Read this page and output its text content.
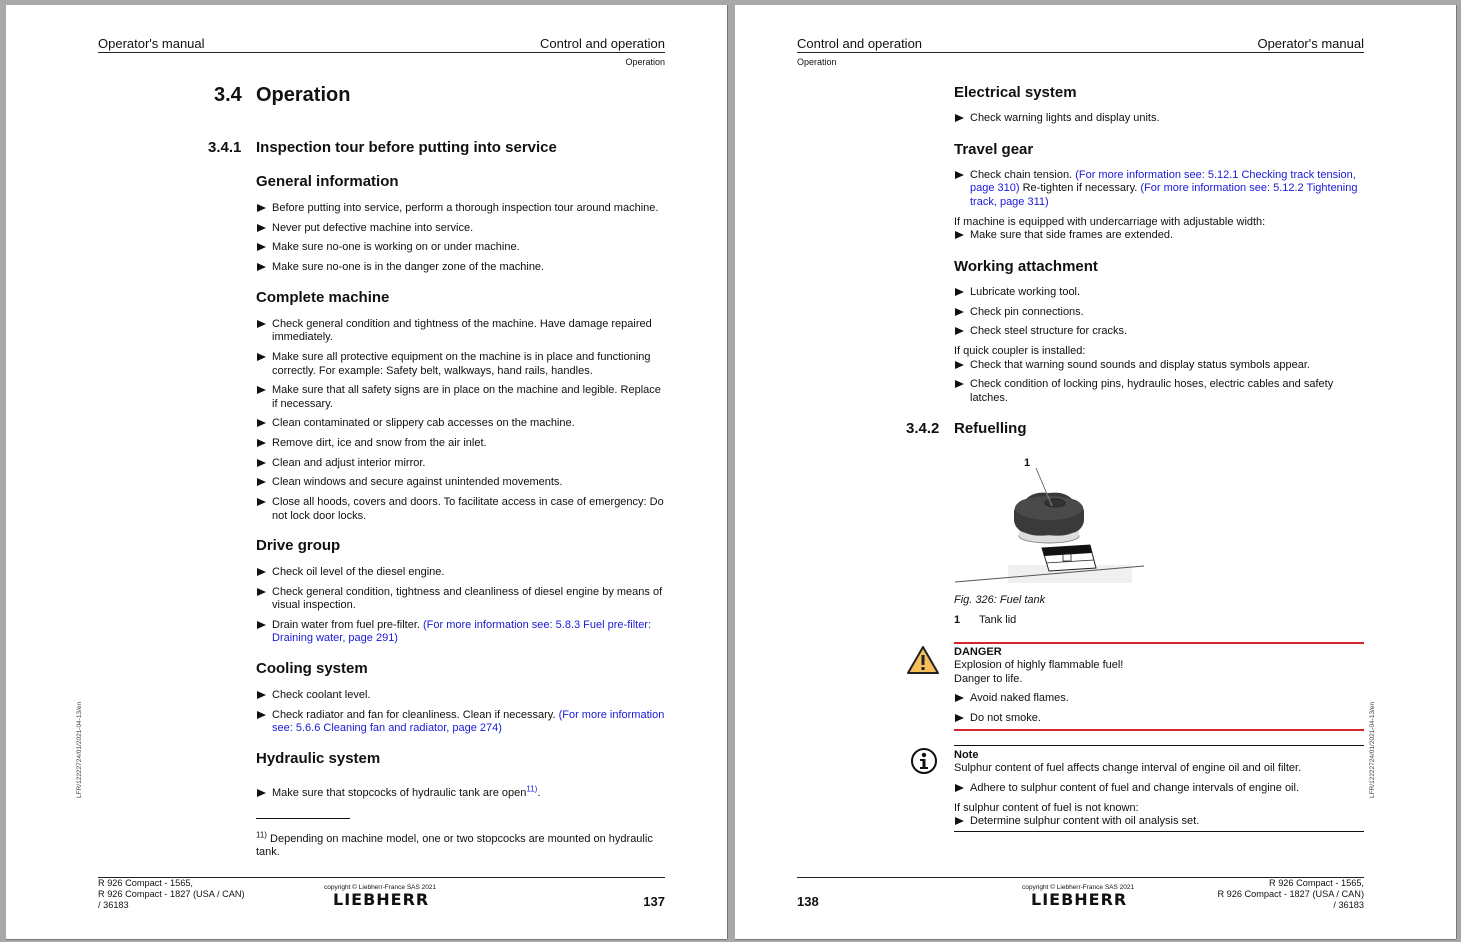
Operator's manual	Control and operation
Operation
3.4 Operation
3.4.1 Inspection tour before putting into service
General information
Before putting into service, perform a thorough inspection tour around machine.
Never put defective machine into service.
Make sure no-one is working on or under machine.
Make sure no-one is in the danger zone of the machine.
Complete machine
Check general condition and tightness of the machine. Have damage repaired immediately.
Make sure all protective equipment on the machine is in place and functioning correctly. For example: Safety belt, walkways, hand rails, handles.
Make sure that all safety signs are in place on the machine and legible. Replace if necessary.
Clean contaminated or slippery cab accesses on the machine.
Remove dirt, ice and snow from the air inlet.
Clean and adjust interior mirror.
Clean windows and secure against unintended movements.
Close all hoods, covers and doors. To facilitate access in case of emergency: Do not lock door locks.
Drive group
Check oil level of the diesel engine.
Check general condition, tightness and cleanliness of diesel engine by means of visual inspection.
Drain water from fuel pre-filter. (For more information see: 5.8.3 Fuel pre-filter: Draining water, page 291)
Cooling system
Check coolant level.
Check radiator and fan for cleanliness. Clean if necessary. (For more information see: 5.6.6 Cleaning fan and radiator, page 274)
Hydraulic system
Make sure that stopcocks of hydraulic tank are open$^{11)}$.
$^{11)}$ Depending on machine model, one or two stopcocks are mounted on hydraulic tank.
R 926 Compact - 1565,
R 926 Compact - 1827 (USA / CAN)
/ 36183
copyright © Liebherr-France SAS 2021
LIEBHERR	137
LFR/12222724/01/2021-04-13/en
Control and operation	Operator's manual
Operation
Electrical system
Check warning lights and display units.
Travel gear
Check chain tension. (For more information see: 5.12.1 Checking track tension, page 310) Re-tighten if necessary. (For more information see: 5.12.2 Tightening track, page 311)
If machine is equipped with undercarriage with adjustable width:
Make sure that side frames are extended.
Working attachment
Lubricate working tool.
Check pin connections.
Check steel structure for cracks.
If quick coupler is installed:
Check that warning sound sounds and display status symbols appear.
Check condition of locking pins, hydraulic hoses, electric cables and safety latches.
3.4.2 Refuelling
1
Fig. 326: Fuel tank
1 Tank lid
DANGER
Explosion of highly flammable fuel!
Danger to life.
Avoid naked flames.
Do not smoke.
Note
Sulphur content of fuel affects change interval of engine oil and oil filter.
Adhere to sulphur content of fuel and change intervals of engine oil.
If sulphur content of fuel is not known:
Determine sulphur content with oil analysis set.
138
copyright © Liebherr-France SAS 2021
LIEBHERR
R 926 Compact - 1565,
R 926 Compact - 1827 (USA / CAN)
/ 36183
LFR/12222724/01/2021-04-13/en
